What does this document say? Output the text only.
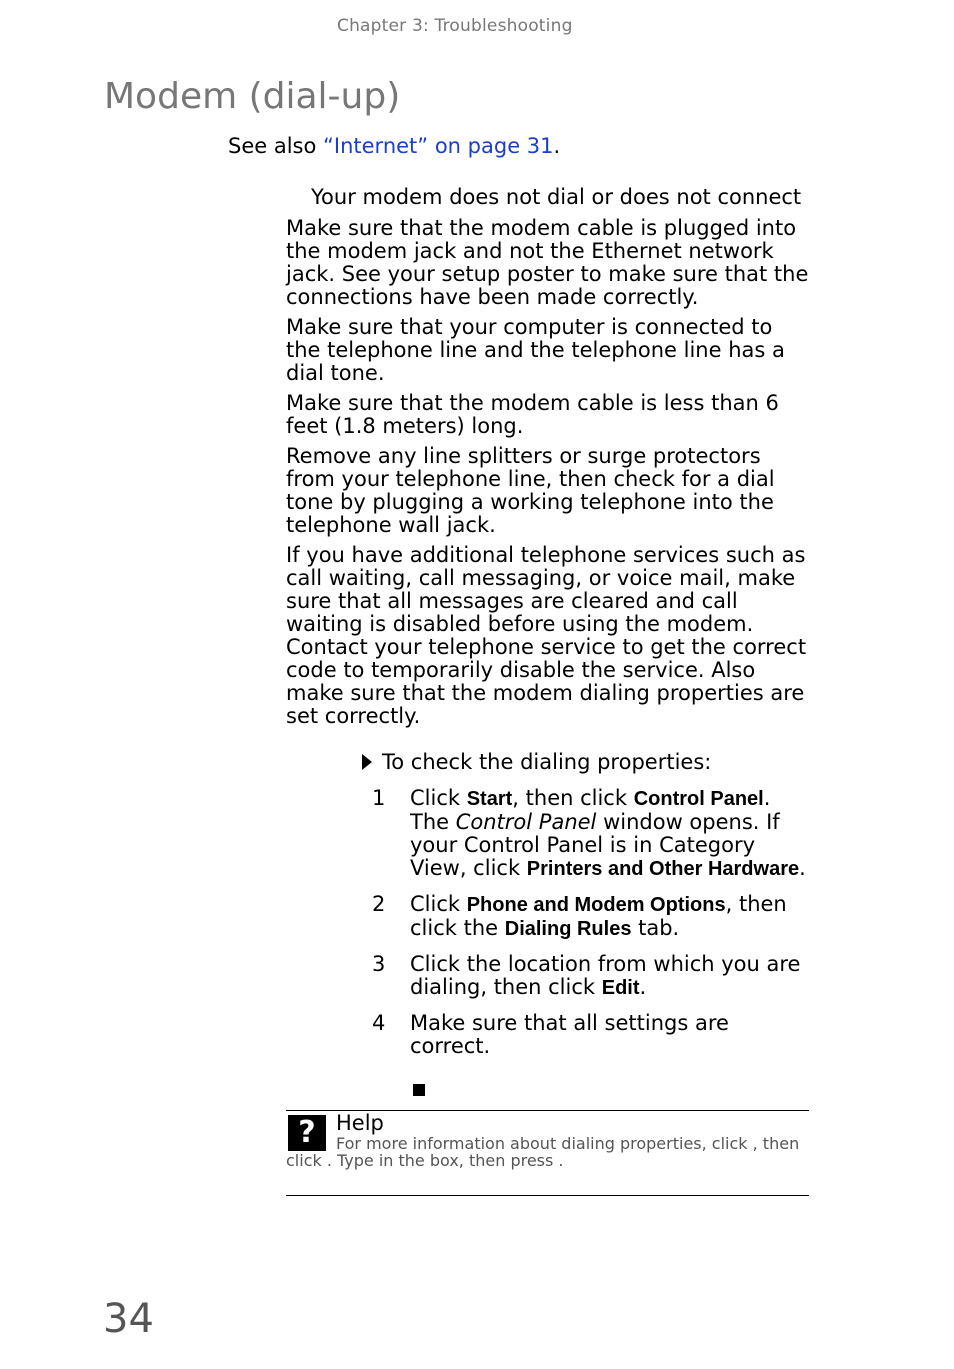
Chapter 3: Troubleshooting
Modem (dial-up)
See also “Internet” on page 31.
Your modem does not dial or does not connect

Make sure that the modem cable is plugged into the modem jack and not the Ethernet network jack. See your setup poster to make sure that the connections have been made correctly.

Make sure that your computer is connected to the telephone line and the telephone line has a dial tone.

Make sure that the modem cable is less than 6 feet (1.8 meters) long.

Remove any line splitters or surge protectors from your telephone line, then check for a dial tone by plugging a working telephone into the telephone wall jack.

If you have additional telephone services such as call waiting, call messaging, or voice mail, make sure that all messages are cleared and call waiting is disabled before using the modem. Contact your telephone service to get the correct code to temporarily disable the service. Also make sure that the modem dialing properties are set correctly.

To check the dialing properties:
1	Click Start, then click Control Panel. The Control Panel window opens. If your Control Panel is in Category View, click Printers and Other Hardware.
2	Click Phone and Modem Options, then click the Dialing Rules tab.
3	Click the location from which you are dialing, then click Edit.
4	Make sure that all settings are correct.
? Help
For more information about dialing properties, click , then click . Type in the box, then press .
34
